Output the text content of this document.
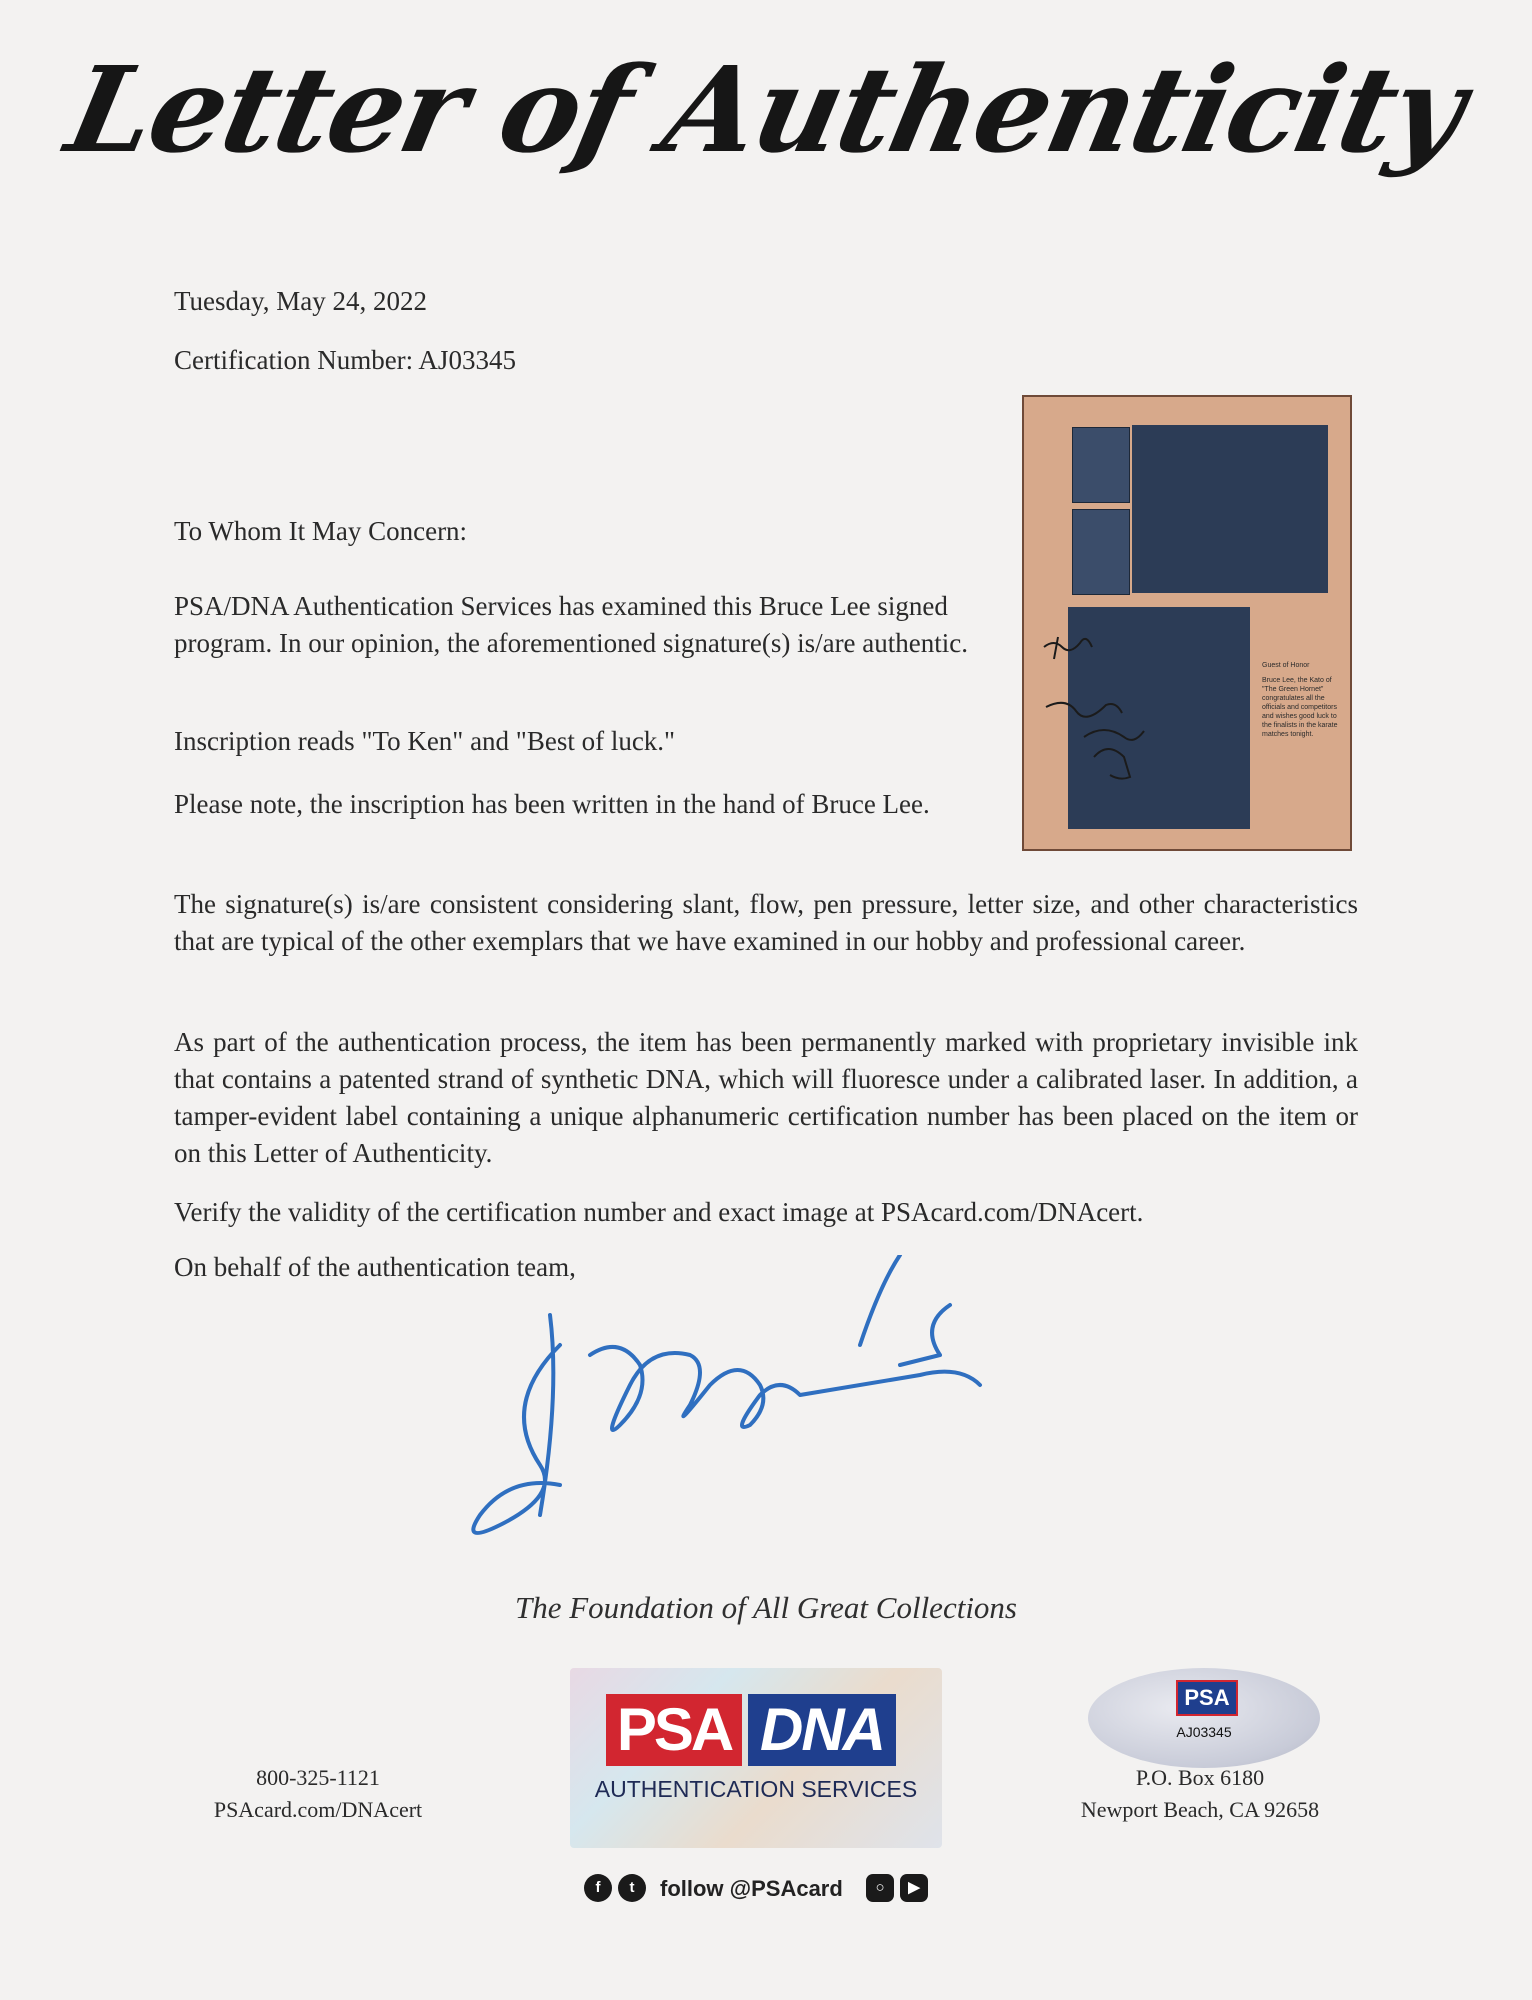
Letter of Authenticity
Tuesday, May 24, 2022
Certification Number: AJ03345
Guest of Honor
Bruce Lee, the Kato of "The Green Hornet" congratulates all the officials and competitors and wishes good luck to the finalists in the karate matches tonight.
To Whom It May Concern:
PSA/DNA Authentication Services has examined this Bruce Lee signed program. In our opinion, the aforementioned signature(s) is/are authentic.
Inscription reads "To Ken" and "Best of luck."
Please note, the inscription has been written in the hand of Bruce Lee.
The signature(s) is/are consistent considering slant, flow, pen pressure, letter size, and other characteristics that are typical of the other exemplars that we have examined in our hobby and professional career.
As part of the authentication process, the item has been permanently marked with proprietary invisible ink that contains a patented strand of synthetic DNA, which will fluoresce under a calibrated laser. In addition, a tamper-evident label containing a unique alphanumeric certification number has been placed on the item or on this Letter of Authenticity.
Verify the validity of the certification number and exact image at PSAcard.com/DNAcert.
On behalf of the authentication team,
The Foundation of All Great Collections
800-325-1121
PSAcard.com/DNAcert
PSA DNA
AUTHENTICATION SERVICES
f	t	follow @PSAcard	○	▶
PSA
AJ03345
P.O. Box 6180
Newport Beach, CA 92658
